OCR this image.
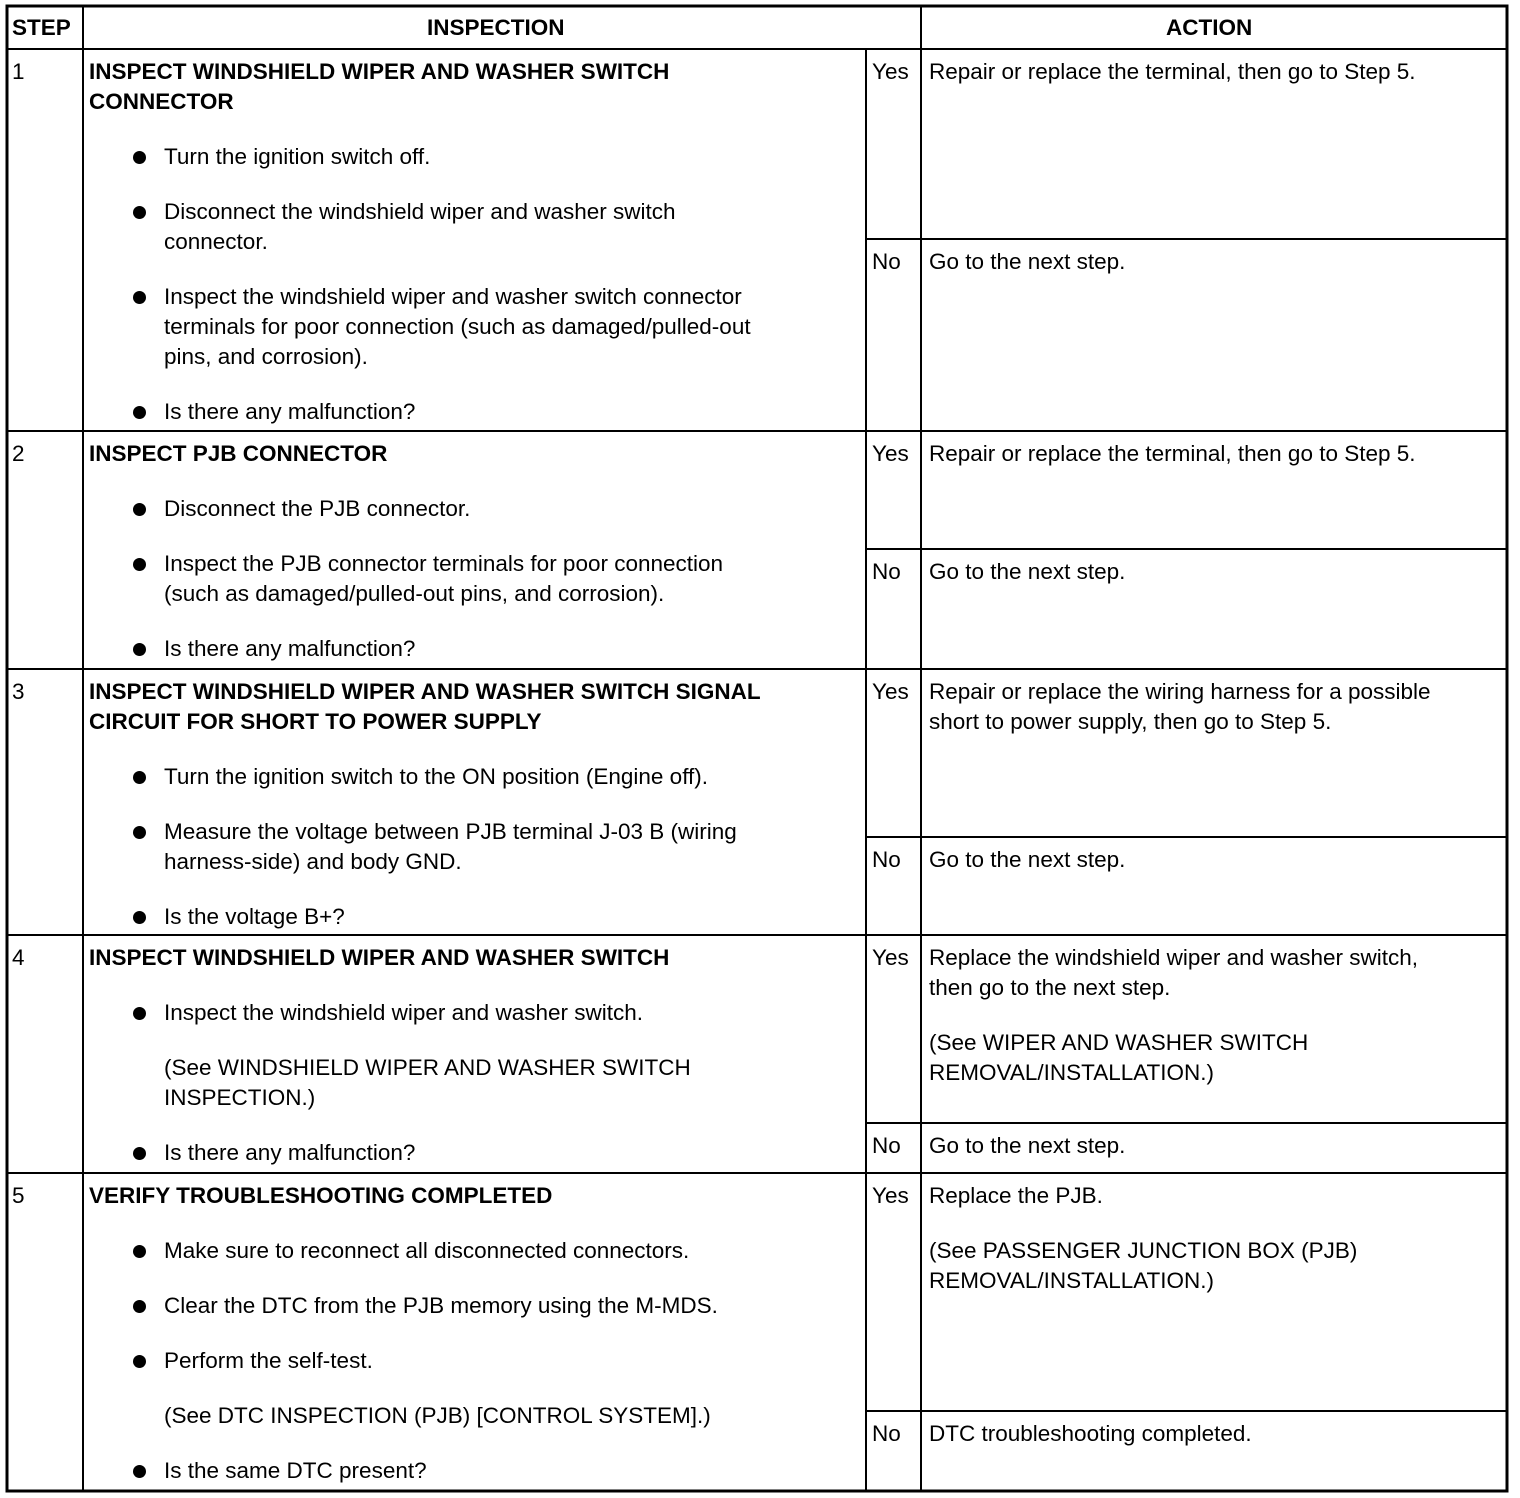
STEP	INSPECTION	ACTION
1	INSPECT WINDSHIELD WIPER AND WASHER SWITCH
CONNECTOR
Turn the ignition switch off.
Disconnect the windshield wiper and washer switch
connector.
Inspect the windshield wiper and washer switch connector
terminals for poor connection (such as damaged/pulled-out
pins, and corrosion).
Is there any malfunction?
Yes Repair or replace the terminal, then go to Step 5.
No Go to the next step.
2	INSPECT PJB CONNECTOR
Disconnect the PJB connector.
Inspect the PJB connector terminals for poor connection
(such as damaged/pulled-out pins, and corrosion).
Is there any malfunction?
Yes Repair or replace the terminal, then go to Step 5.
No Go to the next step.
3	INSPECT WINDSHIELD WIPER AND WASHER SWITCH SIGNAL
CIRCUIT FOR SHORT TO POWER SUPPLY
Turn the ignition switch to the ON position (Engine off).
Measure the voltage between PJB terminal J-03 B (wiring
harness-side) and body GND.
Is the voltage B+?
Yes Repair or replace the wiring harness for a possible
short to power supply, then go to Step 5.
No Go to the next step.
4	INSPECT WINDSHIELD WIPER AND WASHER SWITCH
Inspect the windshield wiper and washer switch.
(See WINDSHIELD WIPER AND WASHER SWITCH
INSPECTION.)
Is there any malfunction?
Yes Replace the windshield wiper and washer switch,
then go to the next step.
(See WIPER AND WASHER SWITCH
REMOVAL/INSTALLATION.)
No Go to the next step.
5	VERIFY TROUBLESHOOTING COMPLETED
Make sure to reconnect all disconnected connectors.
Clear the DTC from the PJB memory using the M-MDS.
Perform the self-test.
(See DTC INSPECTION (PJB) [CONTROL SYSTEM].)
Is the same DTC present?
Yes Replace the PJB.
(See PASSENGER JUNCTION BOX (PJB)
REMOVAL/INSTALLATION.)
No DTC troubleshooting completed.
